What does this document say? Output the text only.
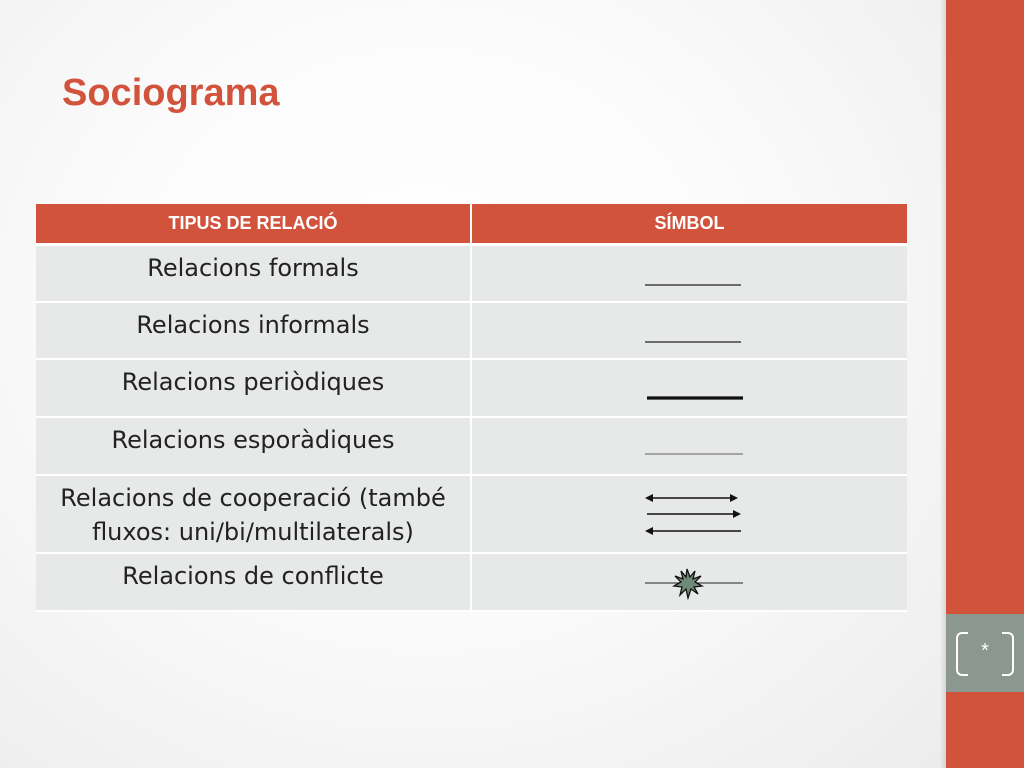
*
Sociograma
TIPUS DE RELACIÓ	SÍMBOL
Relacions formals	

Relacions informals	

Relacions periòdiques	

Relacions esporàdiques	

Relacions de cooperació (també fluxos: uni/bi/multilaterals)	

Relacions de conflicte	
